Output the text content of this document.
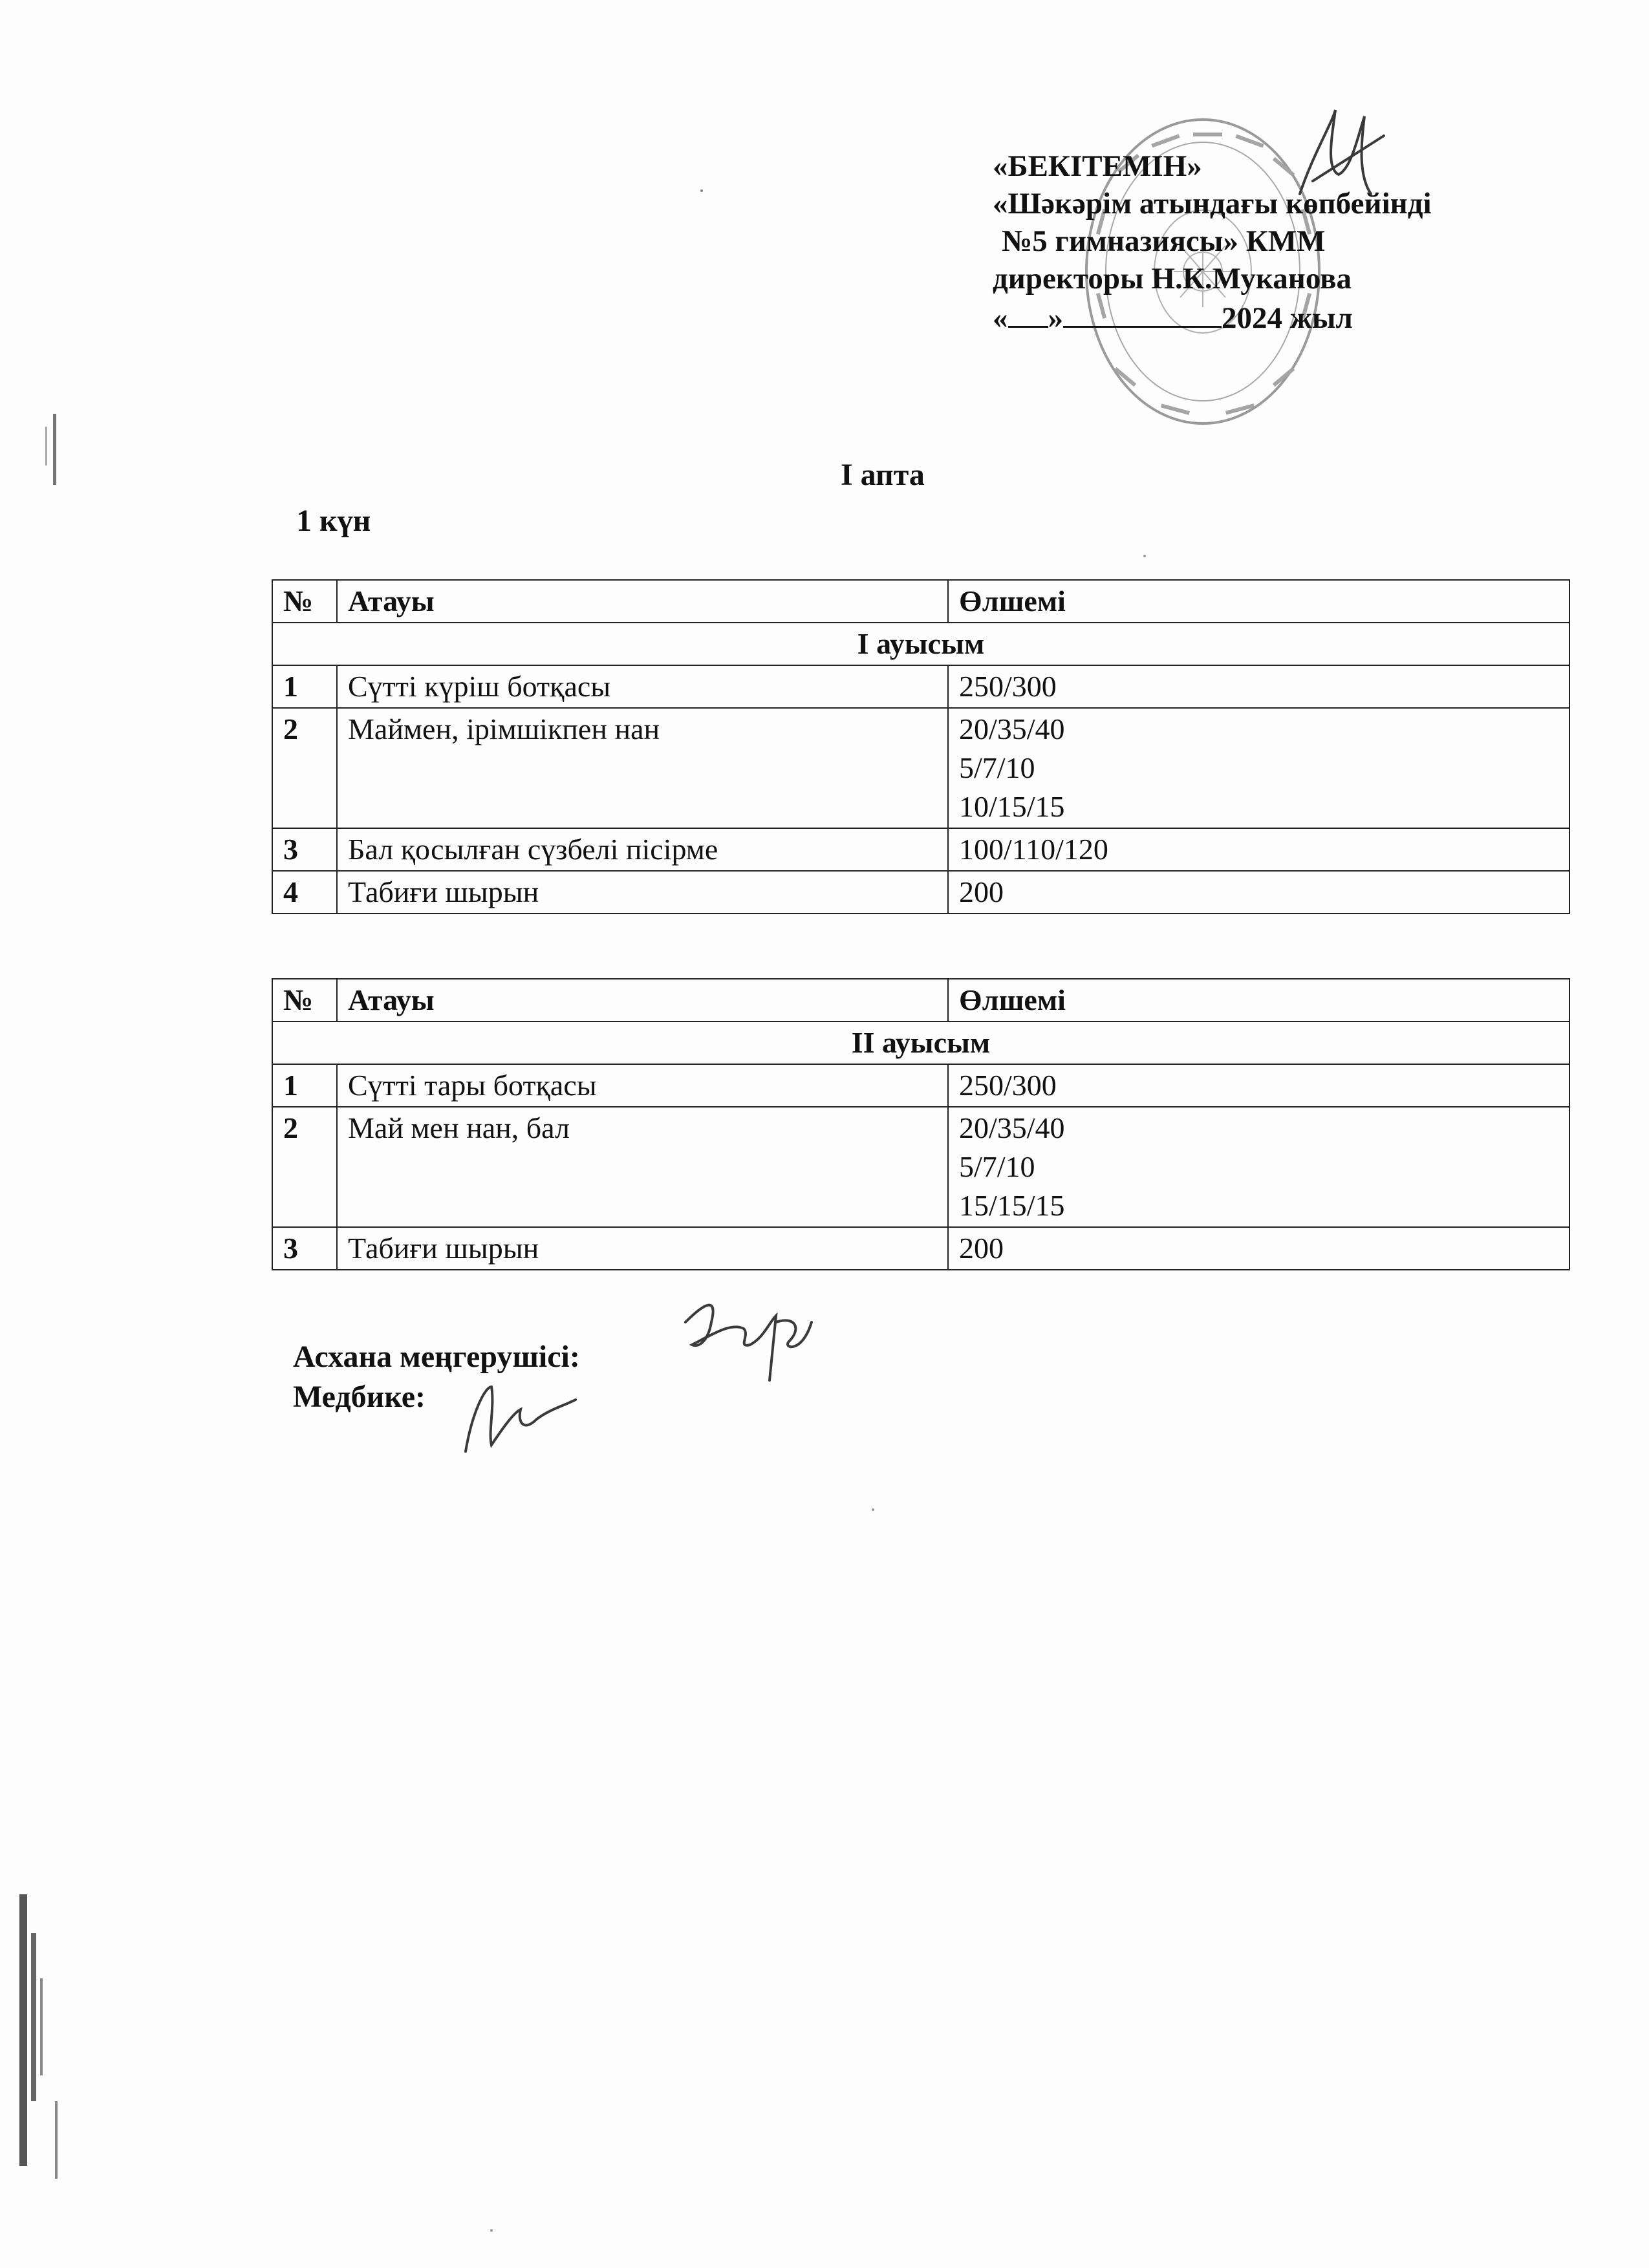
«БЕКІТЕМІН»
«Шәкәрім атындағы көпбейінді
№5 гимназиясы» КММ
директоры Н.К.Муканова
« »	2024 жыл
І апта
1 күн
№	Атауы	Өлшемі
І ауысым		
1	Сүтті күріш ботқасы	250/300

2	Маймен, ірімшікпен нан	20/35/40
5/7/10
10/15/15

3	Бал қосылған сүзбелі пісірме	100/110/120

4	Табиғи шырын	200
№	Атауы	Өлшемі
ІІ ауысым		
1	Сүтті тары ботқасы	250/300

2	Май мен нан, бал	20/35/40
5/7/10
15/15/15

3	Табиғи шырын	200
Асхана меңгерушісі:
Медбике:
